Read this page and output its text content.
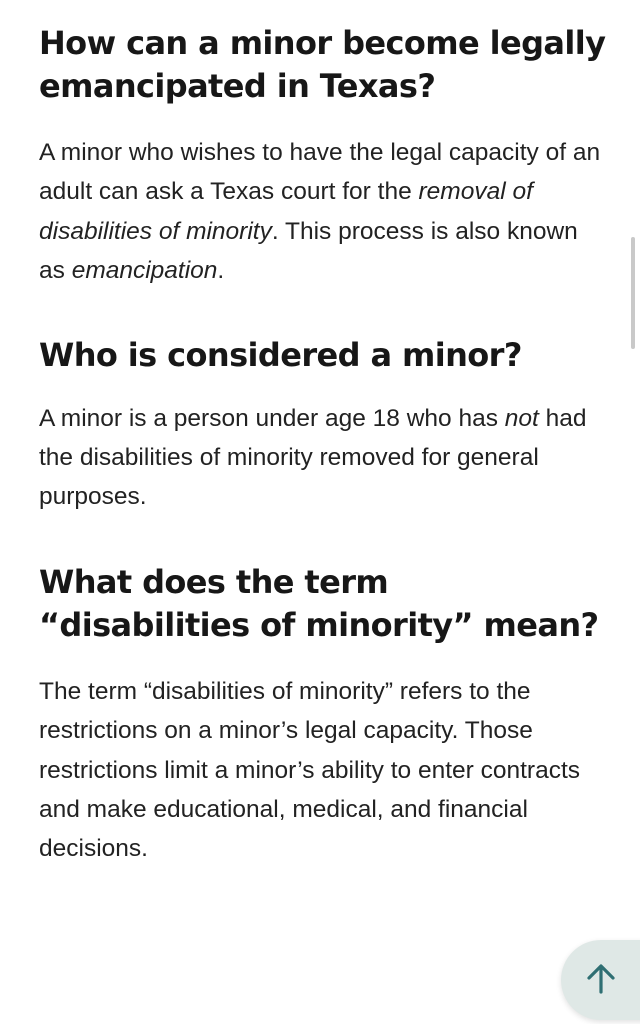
How can a minor become legally emancipated in Texas?

A minor who wishes to have the legal capacity of an adult can ask a Texas court for the removal of disabilities of minority. This process is also known as emancipation.

Who is considered a minor?

A minor is a person under age 18 who has not had the disabilities of minority removed for general purposes.

What does the term “disabilities of minority” mean?

The term “disabilities of minority” refers to the restrictions on a minor’s legal capacity. Those restrictions limit a minor’s ability to enter contracts and make educational, medical, and financial decisions.
